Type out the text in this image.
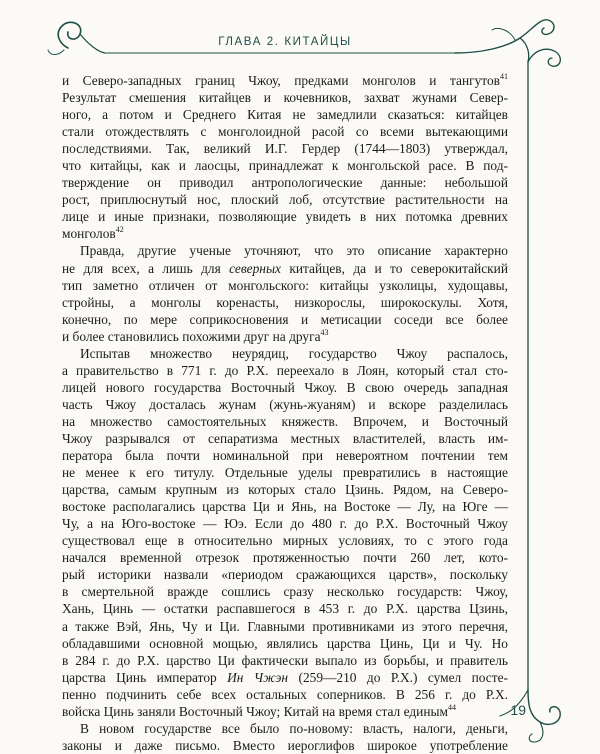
ГЛАВА 2. КИТАЙЦЫ
и Северо-западных границ Чжоу, предками монголов и тангутов$^{41}$
Результат смешения китайцев и кочевников, захват жунами Север-
ного, а потом и Среднего Китая не замедлили сказаться: китайцев
стали отождествлять с монголоидной расой со всеми вытекающими
последствиями. Так, великий И.Г. Гердер (1744—1803) утверждал,
что китайцы, как и лаосцы, принадлежат к монгольской расе. В под-
тверждение он приводил антропологические данные: небольшой
рост, приплюснутый нос, плоский лоб, отсутствие растительности на
лице и иные признаки, позволяющие увидеть в них потомка древних
монголов$^{42}$
Правда, другие ученые уточняют, что это описание характерно
не для всех, а лишь для северных китайцев, да и то северокитайский
тип заметно отличен от монгольского: китайцы узколицы, худощавы,
стройны, а монголы коренасты, низкорослы, широкоскулы. Хотя,
конечно, по мере соприкосновения и метисации соседи все более
и более становились похожими друг на друга$^{43}$
Испытав множество неурядиц, государство Чжоу распалось,
а правительство в 771 г. до Р.Х. переехало в Лоян, который стал сто-
лицей нового государства Восточный Чжоу. В свою очередь западная
часть Чжоу досталась жунам (жунь-жуаням) и вскоре разделилась
на множество самостоятельных княжеств. Впрочем, и Восточный
Чжоу разрывался от сепаратизма местных властителей, власть им-
ператора была почти номинальной при невероятном почтении тем
не менее к его титулу. Отдельные уделы превратились в настоящие
царства, самым крупным из которых стало Цзинь. Рядом, на Северо-
востоке располагались царства Ци и Янь, на Востоке — Лу, на Юге —
Чу, а на Юго-востоке — Юэ. Если до 480 г. до Р.Х. Восточный Чжоу
существовал еще в относительно мирных условиях, то с этого года
начался временной отрезок протяженностью почти 260 лет, кото-
рый историки назвали «периодом сражающихся царств», поскольку
в смертельной вражде сошлись сразу несколько государств: Чжоу,
Хань, Цинь — остатки распавшегося в 453 г. до Р.Х. царства Цзинь,
а также Вэй, Янь, Чу и Ци. Главными противниками из этого перечня,
обладавшими основной мощью, являлись царства Цинь, Ци и Чу. Но
в 284 г. до Р.Х. царство Ци фактически выпало из борьбы, и правитель
царства Цинь император Ин Чжэн (259—210 до Р.Х.) сумел посте-
пенно подчинить себе всех остальных соперников. В 256 г. до Р.Х.
войска Цинь заняли Восточный Чжоу; Китай на время стал единым$^{44}$
В новом государстве все было по-новому: власть, налоги, деньги,
законы и даже письмо. Вместо иероглифов широкое употребление
19
